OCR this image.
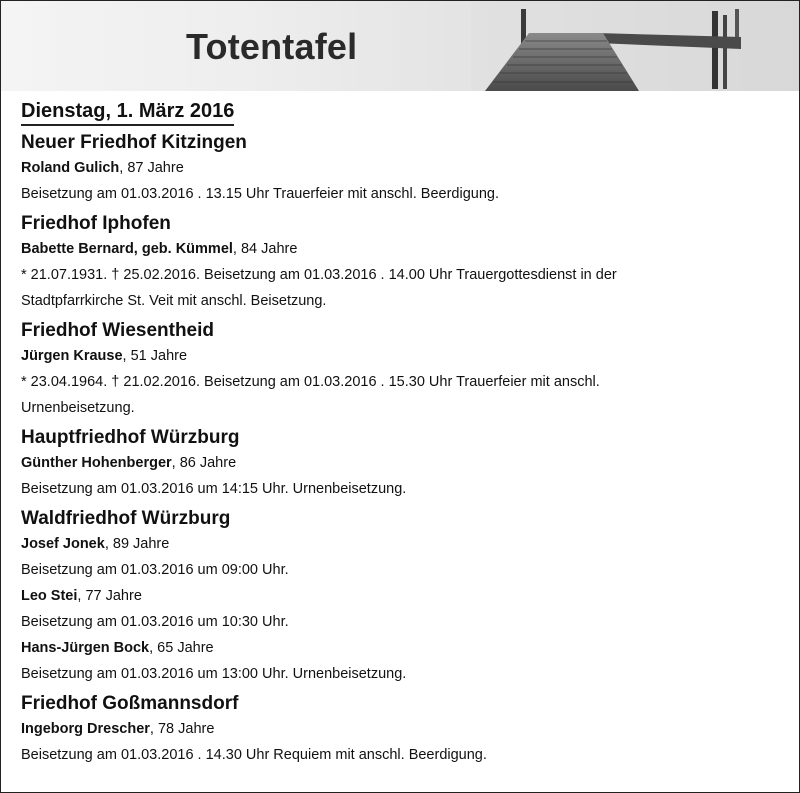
Totentafel
Dienstag, 1. März 2016
Neuer Friedhof Kitzingen
Roland Gulich, 87 Jahre
Beisetzung am 01.03.2016 . 13.15 Uhr Trauerfeier mit anschl. Beerdigung.
Friedhof Iphofen
Babette Bernard, geb. Kümmel, 84 Jahre
* 21.07.1931. † 25.02.2016. Beisetzung am 01.03.2016 . 14.00 Uhr Trauergottesdienst in der
Stadtpfarrkirche St. Veit mit anschl. Beisetzung.
Friedhof Wiesentheid
Jürgen Krause, 51 Jahre
* 23.04.1964. † 21.02.2016. Beisetzung am 01.03.2016 . 15.30 Uhr Trauerfeier mit anschl.
Urnenbeisetzung.
Hauptfriedhof Würzburg
Günther Hohenberger, 86 Jahre
Beisetzung am 01.03.2016 um 14:15 Uhr. Urnenbeisetzung.
Waldfriedhof Würzburg
Josef Jonek, 89 Jahre
Beisetzung am 01.03.2016 um 09:00 Uhr.
Leo Stei, 77 Jahre
Beisetzung am 01.03.2016 um 10:30 Uhr.
Hans-Jürgen Bock, 65 Jahre
Beisetzung am 01.03.2016 um 13:00 Uhr. Urnenbeisetzung.
Friedhof Goßmannsdorf
Ingeborg Drescher, 78 Jahre
Beisetzung am 01.03.2016 . 14.30 Uhr Requiem mit anschl. Beerdigung.
